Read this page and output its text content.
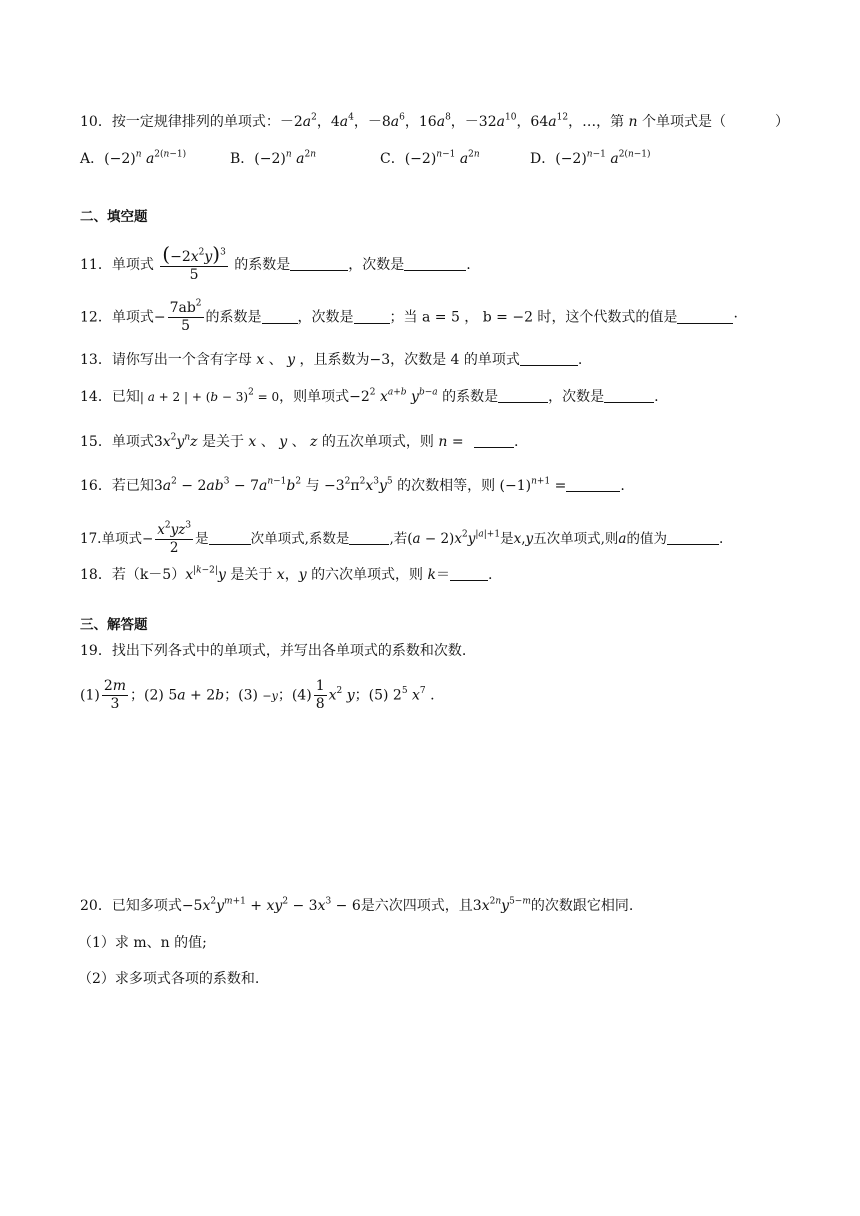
10．按一定规律排列的单项式：$-2a^2$，$4a^4$，$-8a^6$，$16a^8$，$-32a^{10}$，$64a^{12}$，…，第 n 个单项式是（	）
A．$(-2)^n$ $a^{2(n-1)}$	B．$(-2)^n$ $a^{2n}$	C．$(-2)^{n-1}$ $a^{2n}$	D．$(-2)^{n-1}$ $a^{2(n-1)}$
二、填空题
11．单项式 $\frac{(-2x^2y)^3}{5}$ 的系数是	，次数是	.
12．单项式− $\frac{7ab^2}{5}$ 的系数是	，次数是	；当 a = 5 ， b = −2 时，这个代数式的值是	·
13．请你写出一个含有字母 x 、 y ，且系数为−3，次数是 4 的单项式	.
14．已知| a + 2 | + $(b - 3)^2 = 0$，则单项式$-2^2$ $x^{a+b}$ $y^{b-a}$ 的系数是	，次数是	.
15．单项式$3x^2y^nz$ 是关于 x 、 y 、 z 的五次单项式，则 n =	.
16．若已知$3a^2 - 2ab^3 - 7a^{n-1}b^2$ 与 $-3^2\pi^2x^3y^5$ 的次数相等，则 $(-1)^{n+1}$ =	.
17.单项式− $\frac{x^2yz^3}{2}$ 是	次单项式,系数是	,若$(a - 2)x^2y^{|a|+1}$是x,y五次单项式,则a的值为	.
18．若$(k-5)x^{|k-2|}y$ 是关于 x，y 的六次单项式，则 k＝	.
三、解答题
19．找出下列各式中的单项式，并写出各单项式的系数和次数.
$(1) \frac{2m}{3}$ ；(2) 5a + 2b；(3) −y；$(4) \frac{1}{8} x^2$ y；(5) $2^5$ $x^7$ .
20．已知多项式$-5x^2y^{m+1} + xy^2 - 3x^3 - 6$是六次四项式，且$3x^{2n}y^{5-m}$的次数跟它相同.
（1）求 m、n 的值;
（2）求多项式各项的系数和.
